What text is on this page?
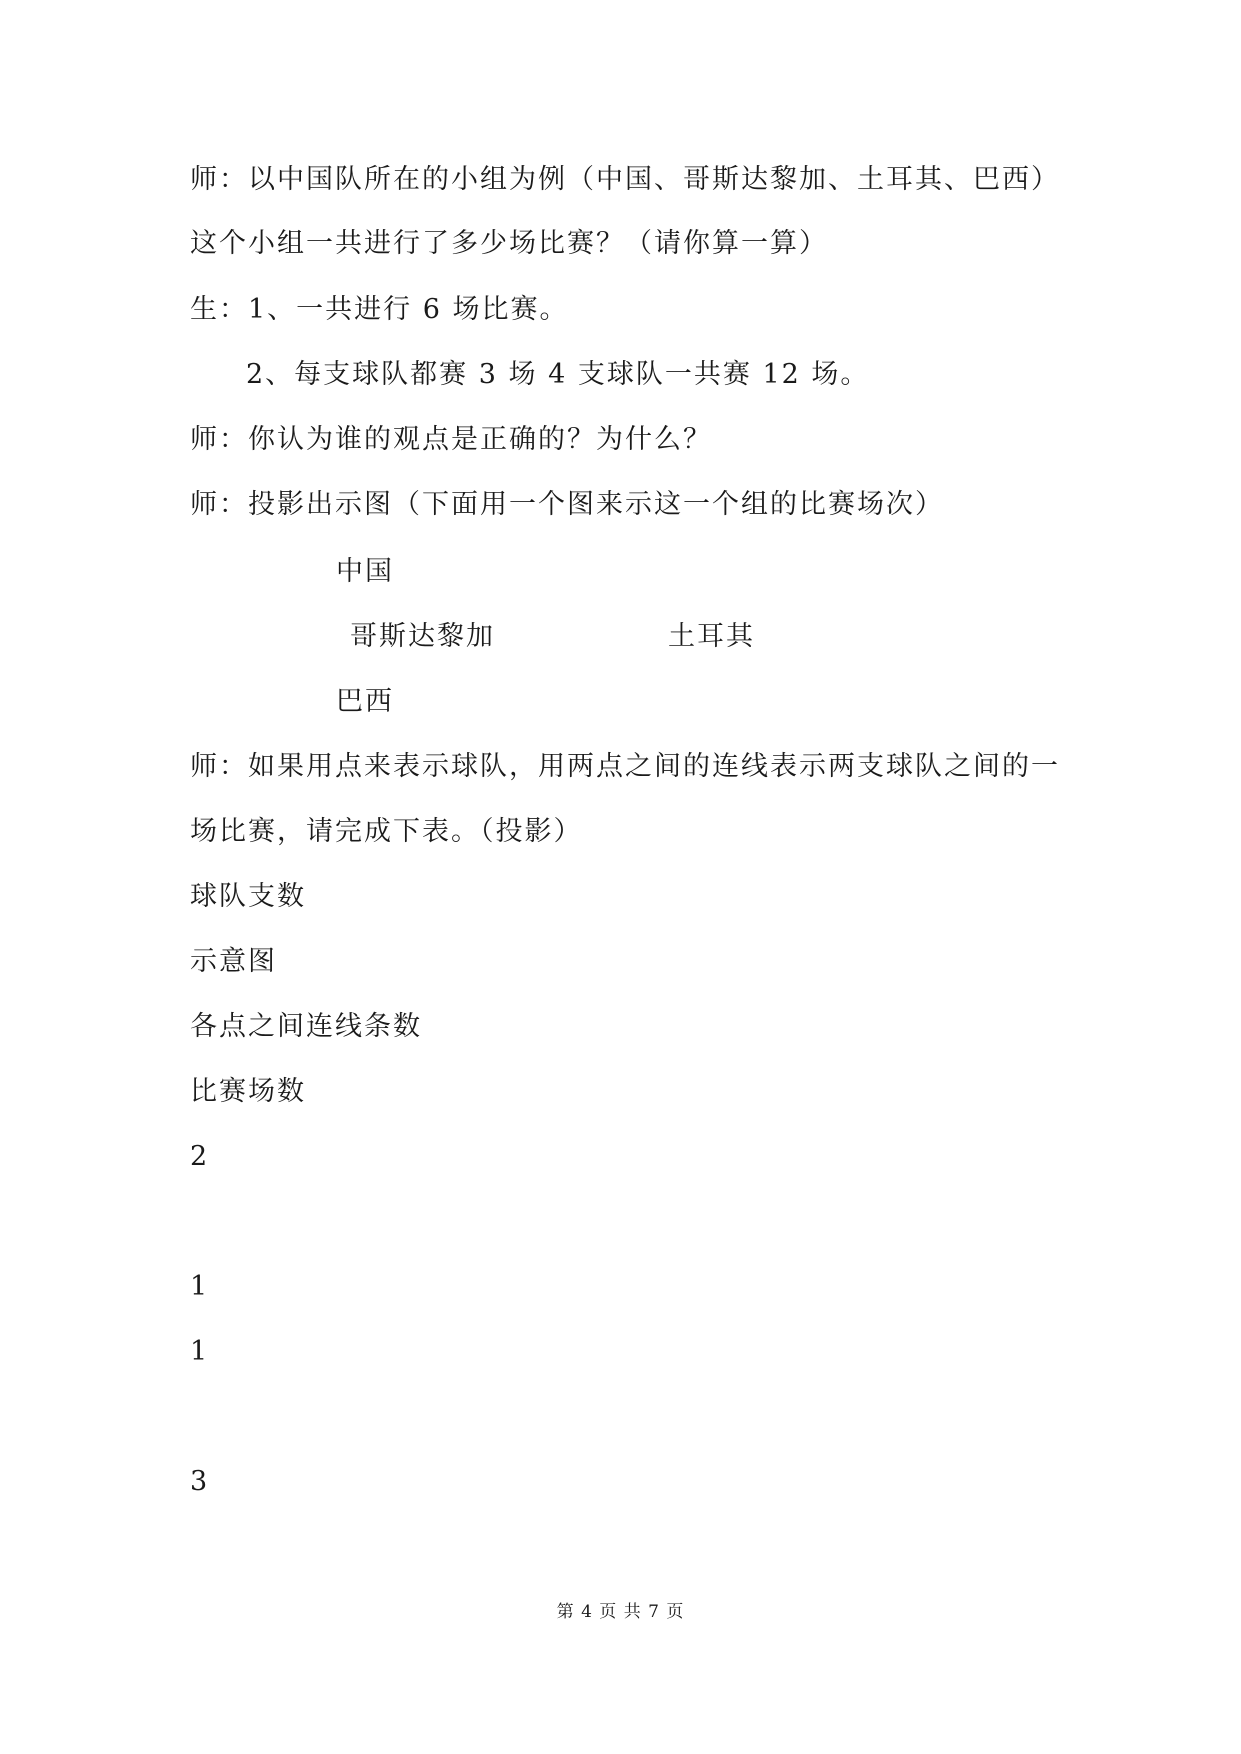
师：以中国队所在的小组为例（中国、哥斯达黎加、土耳其、巴西）
这个小组一共进行了多少场比赛？（请你算一算）
生：1、一共进行 6 场比赛。
2、每支球队都赛 3 场 4 支球队一共赛 12 场。
师：你认为谁的观点是正确的？为什么？
师：投影出示图（下面用一个图来示这一个组的比赛场次）
中国
哥斯达黎加	土耳其
巴西
师：如果用点来表示球队，用两点之间的连线表示两支球队之间的一
场比赛，请完成下表。（投影）
球队支数
示意图
各点之间连线条数
比赛场数
2
1
1
3
第 4 页 共 7 页
